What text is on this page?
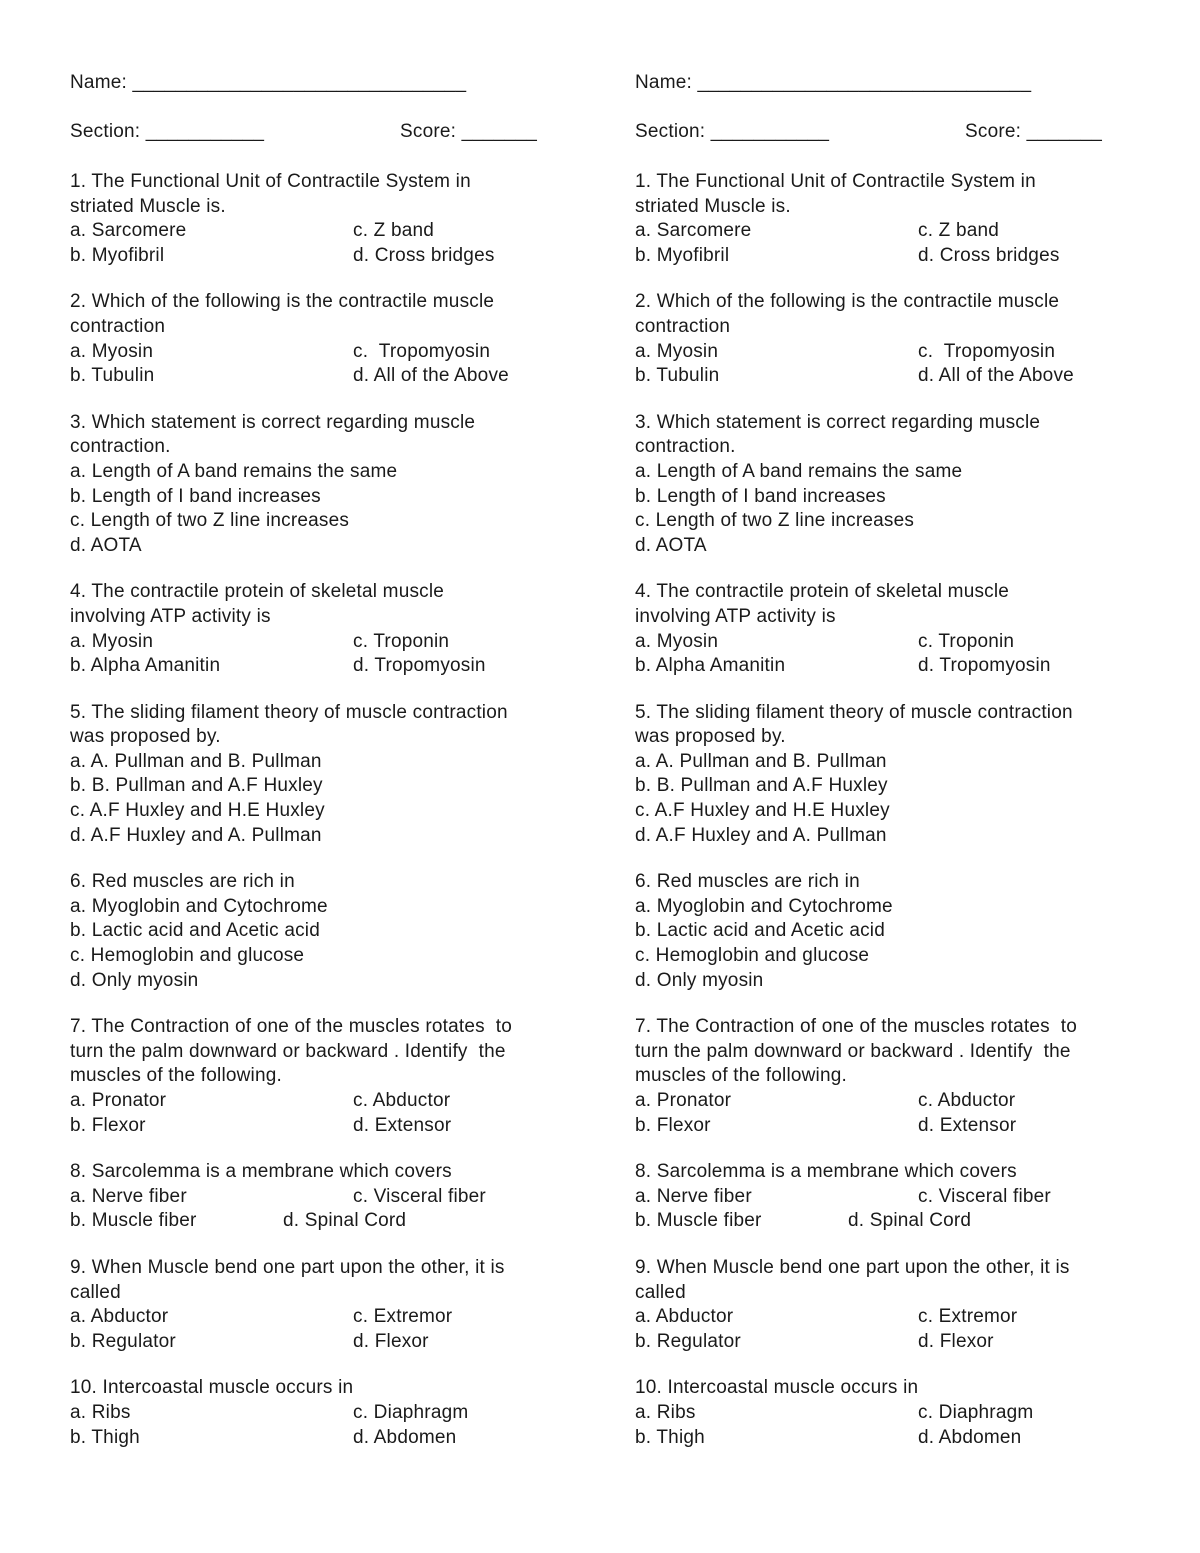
Name: _______________________________
Section: ___________	Score: _______
1. The Functional Unit of Contractile System in
striated Muscle is.
a. Sarcomere	c. Z band
b. Myofibril	d. Cross bridges
2. Which of the following is the contractile muscle
contraction
a. Myosin	c.  Tropomyosin
b. Tubulin	d. All of the Above
3. Which statement is correct regarding muscle
contraction.
a. Length of A band remains the same
b. Length of I band increases
c. Length of two Z line increases
d. AOTA
4. The contractile protein of skeletal muscle
involving ATP activity is
a. Myosin	c. Troponin
b. Alpha Amanitin	d. Tropomyosin
5. The sliding filament theory of muscle contraction
was proposed by.
a. A. Pullman and B. Pullman
b. B. Pullman and A.F Huxley
c. A.F Huxley and H.E Huxley
d. A.F Huxley and A. Pullman
6. Red muscles are rich in
a. Myoglobin and Cytochrome
b. Lactic acid and Acetic acid
c. Hemoglobin and glucose
d. Only myosin
7. The Contraction of one of the muscles rotates  to
turn the palm downward or backward . Identify  the
muscles of the following.
a. Pronator	c. Abductor
b. Flexor	d. Extensor
8. Sarcolemma is a membrane which covers
a. Nerve fiber	c. Visceral fiber
b. Muscle fiber	d. Spinal Cord
9. When Muscle bend one part upon the other, it is
called
a. Abductor	c. Extremor
b. Regulator	d. Flexor
10. Intercoastal muscle occurs in
a. Ribs	c. Diaphragm
b. Thigh	d. Abdomen
Name: _______________________________
Section: ___________	Score: _______
1. The Functional Unit of Contractile System in
striated Muscle is.
a. Sarcomere	c. Z band
b. Myofibril	d. Cross bridges
2. Which of the following is the contractile muscle
contraction
a. Myosin	c.  Tropomyosin
b. Tubulin	d. All of the Above
3. Which statement is correct regarding muscle
contraction.
a. Length of A band remains the same
b. Length of I band increases
c. Length of two Z line increases
d. AOTA
4. The contractile protein of skeletal muscle
involving ATP activity is
a. Myosin	c. Troponin
b. Alpha Amanitin	d. Tropomyosin
5. The sliding filament theory of muscle contraction
was proposed by.
a. A. Pullman and B. Pullman
b. B. Pullman and A.F Huxley
c. A.F Huxley and H.E Huxley
d. A.F Huxley and A. Pullman
6. Red muscles are rich in
a. Myoglobin and Cytochrome
b. Lactic acid and Acetic acid
c. Hemoglobin and glucose
d. Only myosin
7. The Contraction of one of the muscles rotates  to
turn the palm downward or backward . Identify  the
muscles of the following.
a. Pronator	c. Abductor
b. Flexor	d. Extensor
8. Sarcolemma is a membrane which covers
a. Nerve fiber	c. Visceral fiber
b. Muscle fiber	d. Spinal Cord
9. When Muscle bend one part upon the other, it is
called
a. Abductor	c. Extremor
b. Regulator	d. Flexor
10. Intercoastal muscle occurs in
a. Ribs	c. Diaphragm
b. Thigh	d. Abdomen
